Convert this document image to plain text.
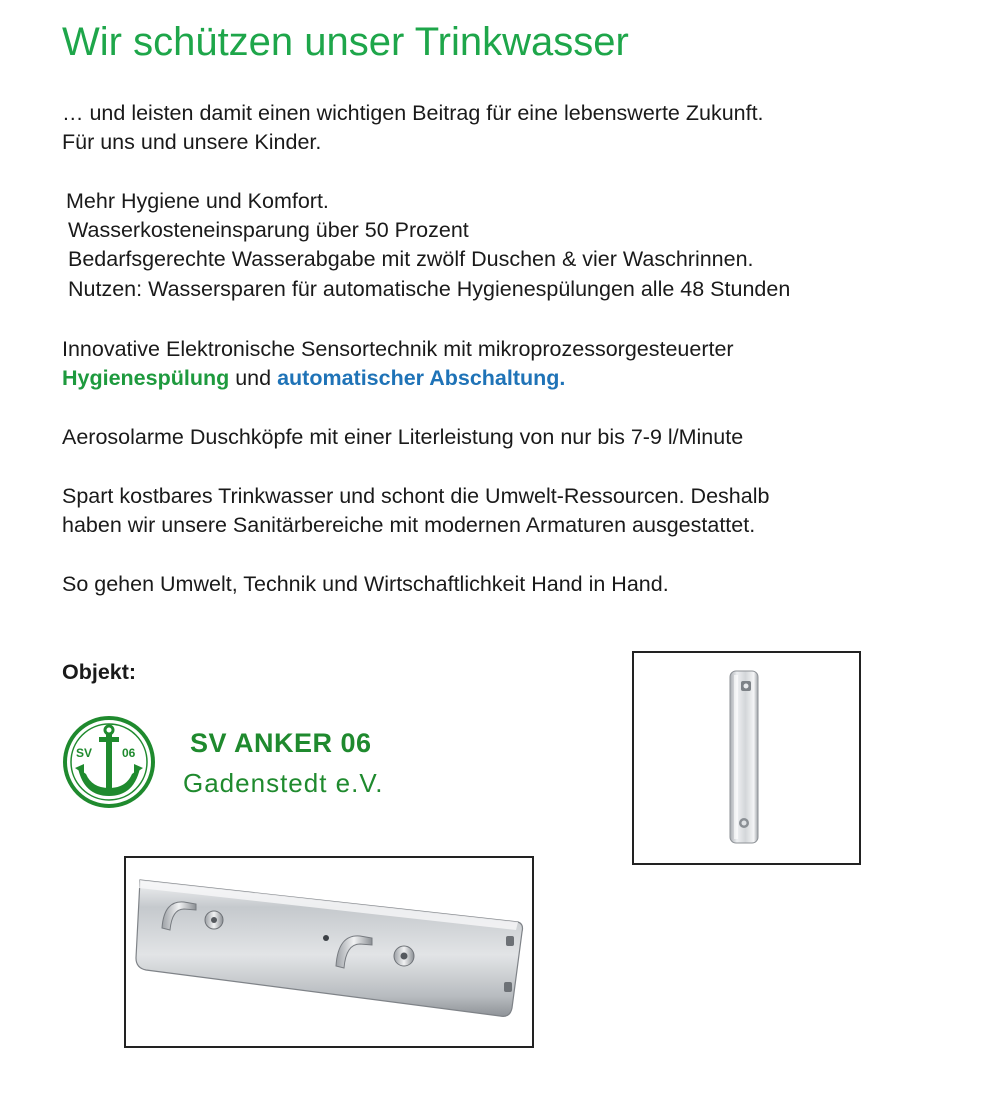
Wir schützen unser Trinkwasser
… und leisten damit einen wichtigen Beitrag für eine lebenswerte Zukunft.
Für uns und unsere Kinder.
Mehr Hygiene und Komfort.
Wasserkosteneinsparung über 50 Prozent
Bedarfsgerechte Wasserabgabe mit zwölf Duschen & vier Waschrinnen.
Nutzen: Wassersparen für automatische Hygienespülungen alle 48 Stunden
Innovative Elektronische Sensortechnik mit mikroprozessorgesteuerter
Hygienespülung und automatischer Abschaltung.
Aerosolarme Duschköpfe mit einer Literleistung von nur bis 7-9 l/Minute
Spart kostbares Trinkwasser und schont die Umwelt-Ressourcen. Deshalb
haben wir unsere Sanitärbereiche mit modernen Armaturen ausgestattet.
So gehen Umwelt, Technik und Wirtschaftlichkeit Hand in Hand.
Objekt:
SV 06 SV ANKER 06
Gadenstedt e.V.
